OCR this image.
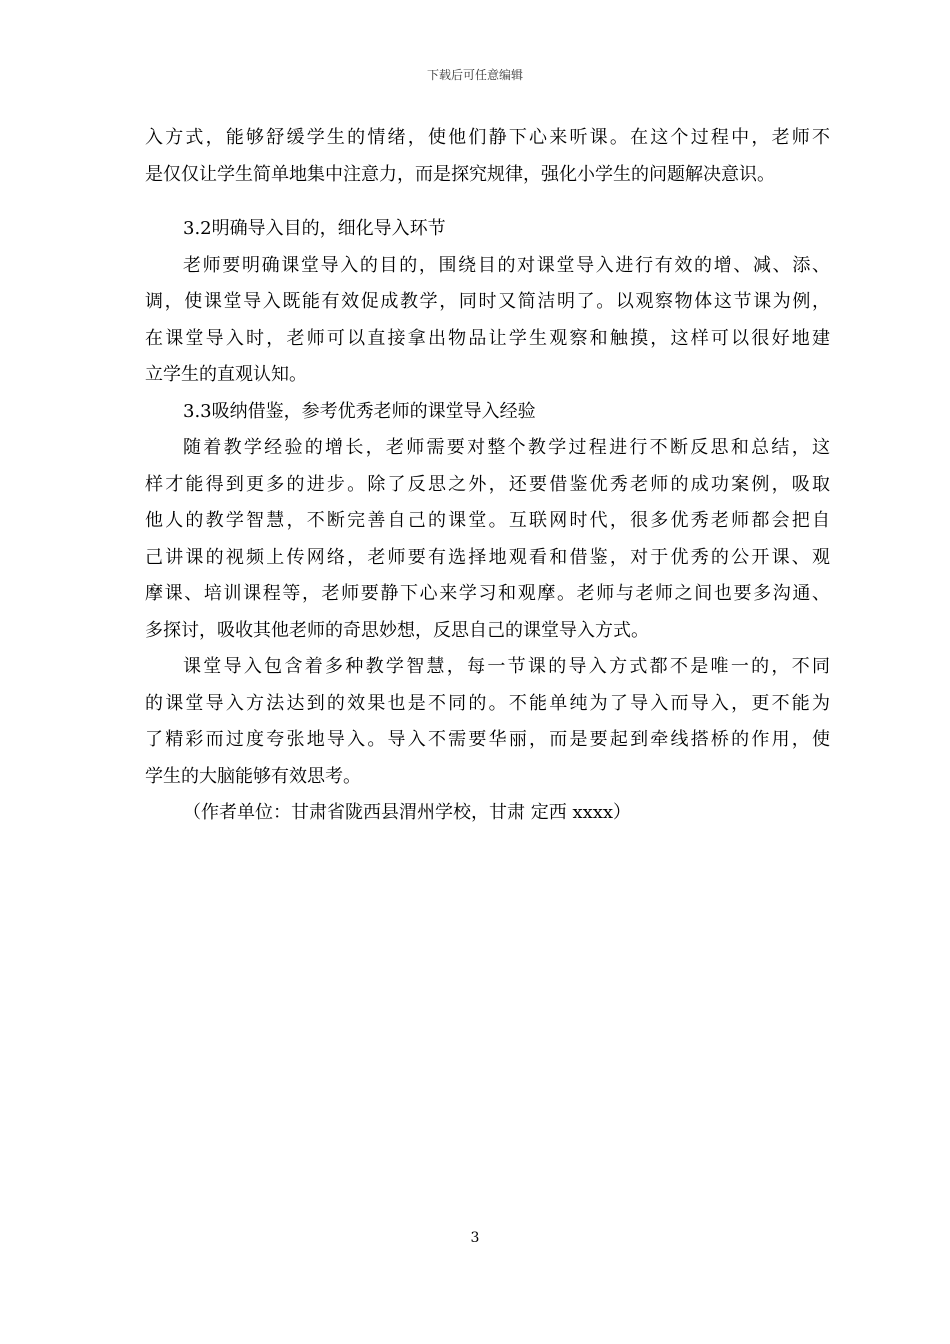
下载后可任意编辑
入方式，能够舒缓学生的情绪，使他们静下心来听课。在这个过程中，老师不
是仅仅让学生简单地集中注意力，而是探究规律，强化小学生的问题解决意识。
3.2明确导入目的，细化导入环节
老师要明确课堂导入的目的，围绕目的对课堂导入进行有效的增、减、添、
调，使课堂导入既能有效促成教学，同时又简洁明了。以观察物体这节课为例，
在课堂导入时，老师可以直接拿出物品让学生观察和触摸，这样可以很好地建
立学生的直观认知。
3.3吸纳借鉴，参考优秀老师的课堂导入经验
随着教学经验的增长，老师需要对整个教学过程进行不断反思和总结，这
样才能得到更多的进步。除了反思之外，还要借鉴优秀老师的成功案例，吸取
他人的教学智慧，不断完善自己的课堂。互联网时代，很多优秀老师都会把自
己讲课的视频上传网络，老师要有选择地观看和借鉴，对于优秀的公开课、观
摩课、培训课程等，老师要静下心来学习和观摩。老师与老师之间也要多沟通、
多探讨，吸收其他老师的奇思妙想，反思自己的课堂导入方式。
课堂导入包含着多种教学智慧，每一节课的导入方式都不是唯一的，不同
的课堂导入方法达到的效果也是不同的。不能单纯为了导入而导入，更不能为
了精彩而过度夸张地导入。导入不需要华丽，而是要起到牵线搭桥的作用，使
学生的大脑能够有效思考。
（作者单位：甘肃省陇西县渭州学校，甘肃 定西 xxxx）
3
